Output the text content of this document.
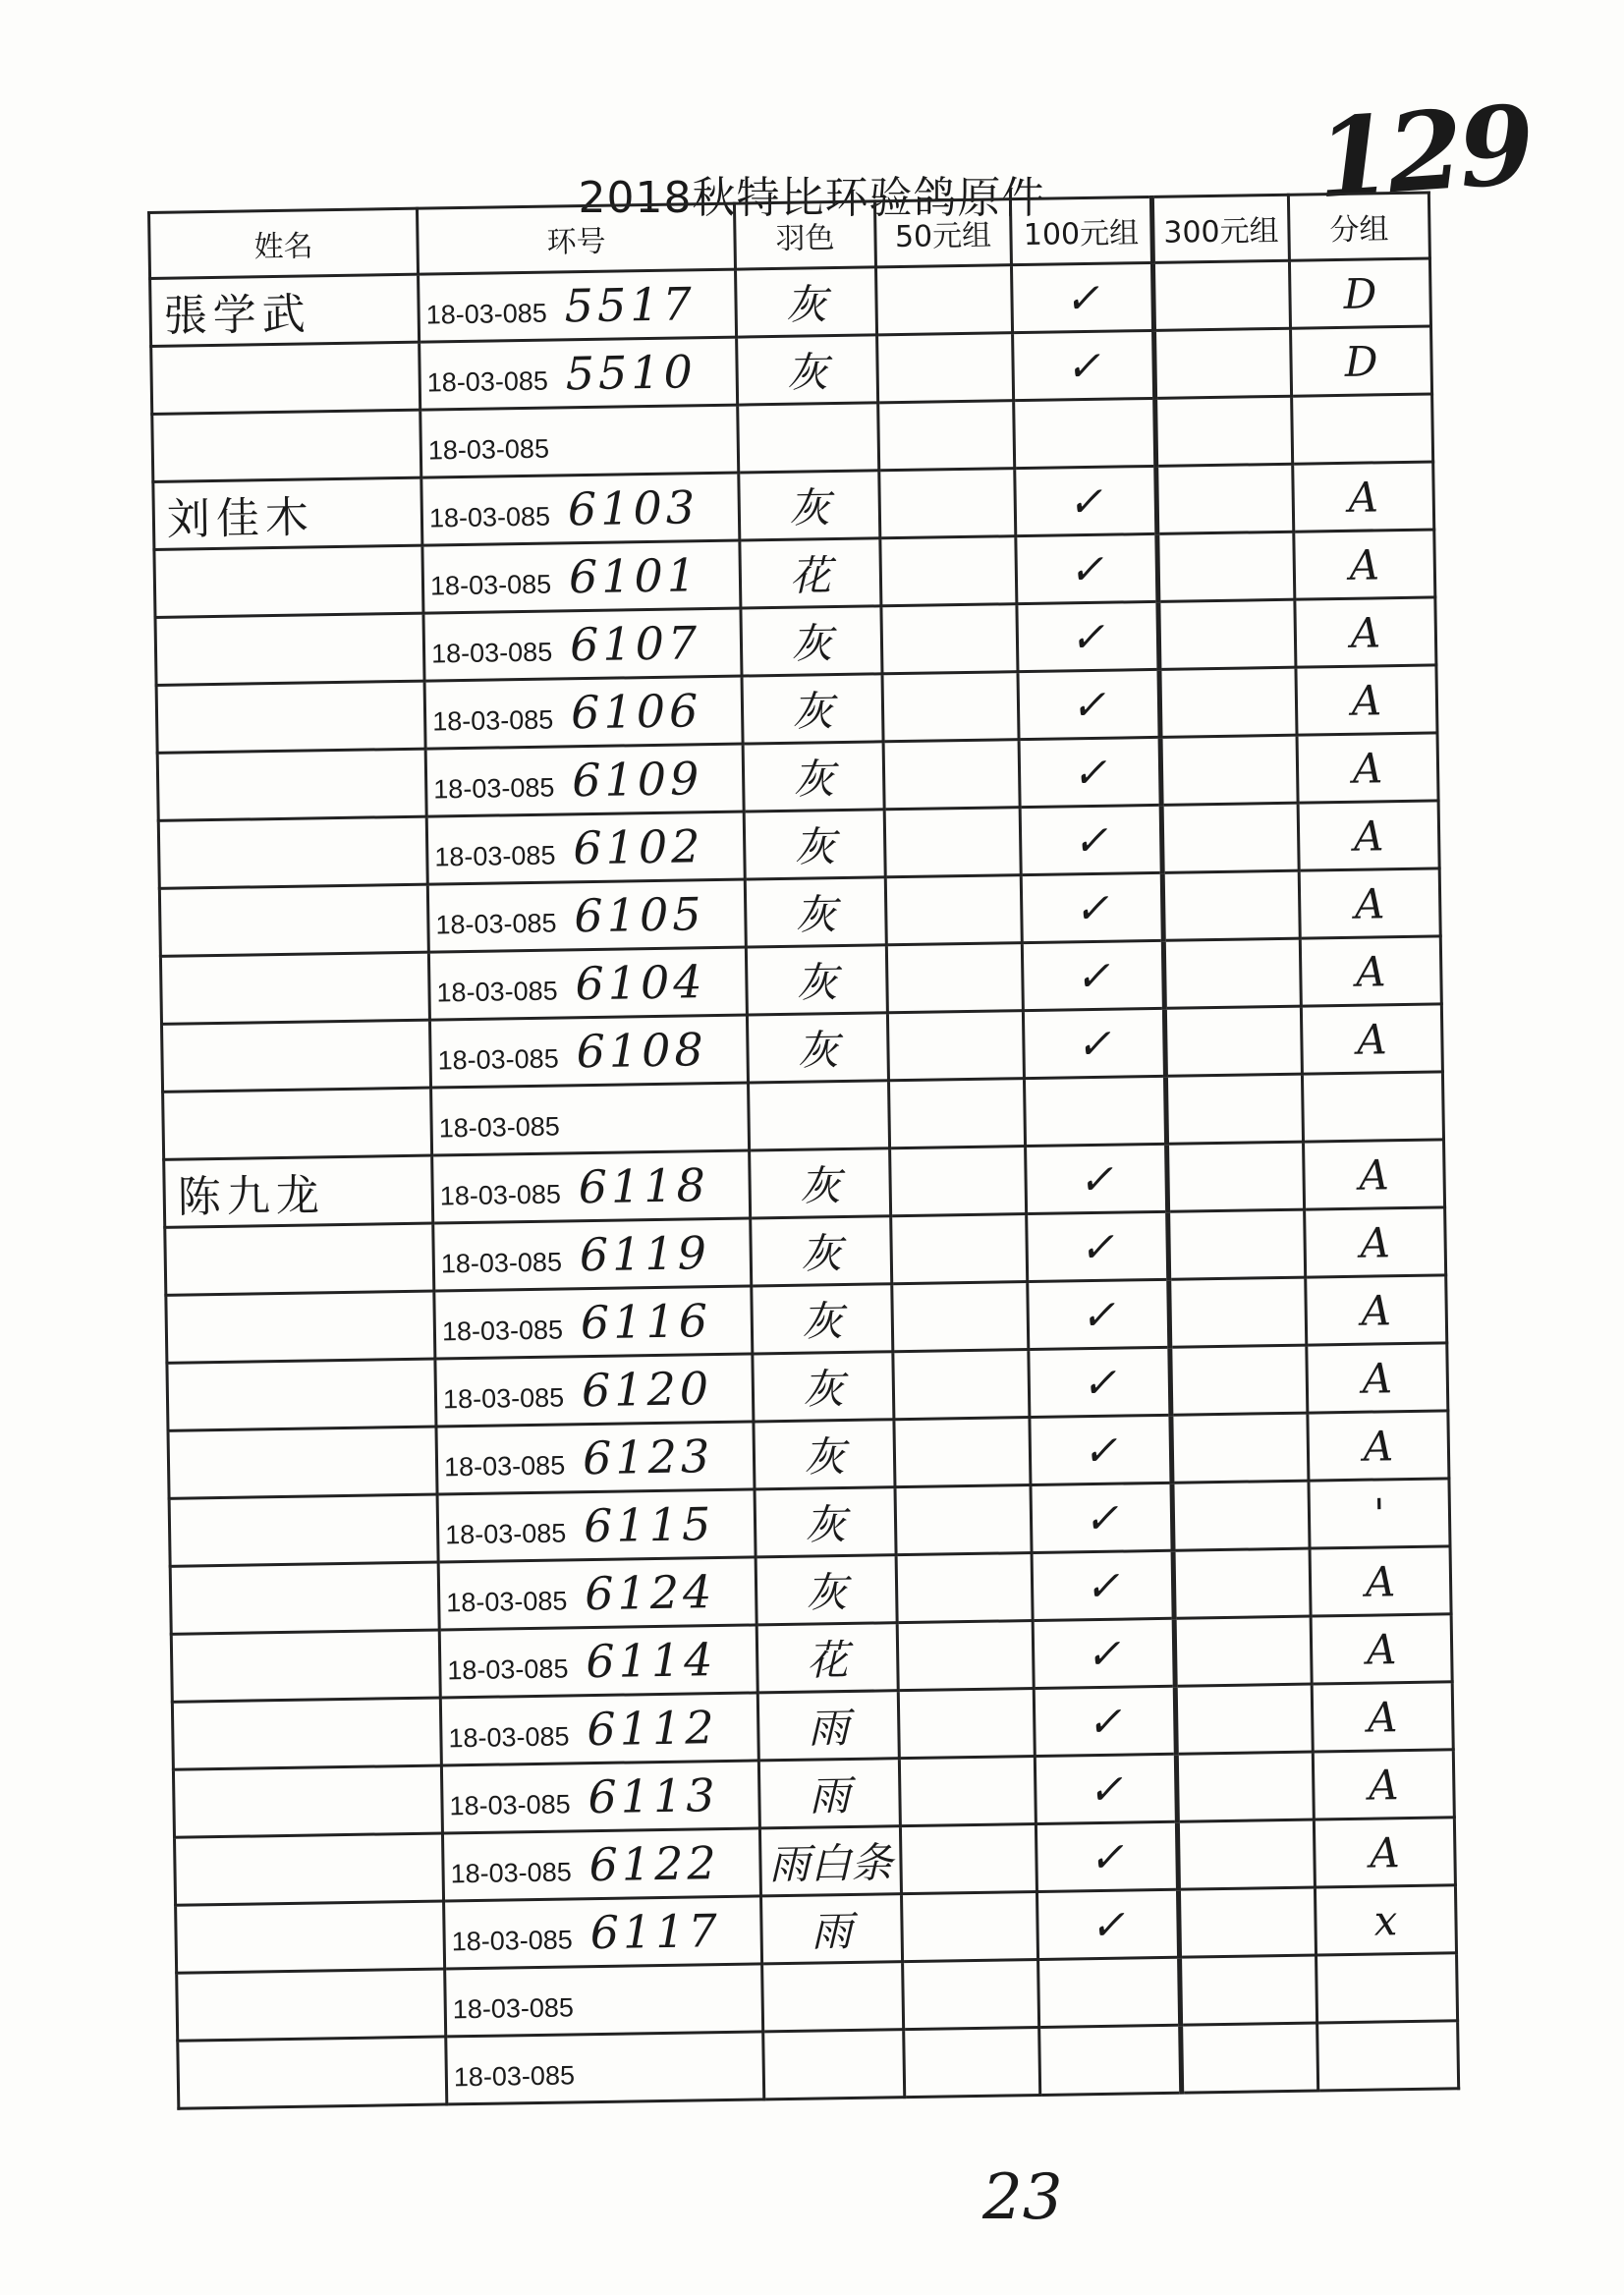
129
2018秋特比环验鸽原件
姓名	环号	羽色	50元组	100元组	300元组	分组
張学武	18-03-085 5517	灰		✓		D
	18-03-085 5510	灰		✓		D
	18-03-085					
刘佳木	18-03-085 6103	灰		✓		A
	18-03-085 6101	花		✓		A
	18-03-085 6107	灰		✓		A
	18-03-085 6106	灰		✓		A
	18-03-085 6109	灰		✓		A
	18-03-085 6102	灰		✓		A
	18-03-085 6105	灰		✓		A
	18-03-085 6104	灰		✓		A
	18-03-085 6108	灰		✓		A
	18-03-085					
陈九龙	18-03-085 6118	灰		✓		A
	18-03-085 6119	灰		✓		A
	18-03-085 6116	灰		✓		A
	18-03-085 6120	灰		✓		A
	18-03-085 6123	灰		✓		A
	18-03-085 6115	灰		✓		'
	18-03-085 6124	灰		✓		A
	18-03-085 6114	花		✓		A
	18-03-085 6112	雨		✓		A
	18-03-085 6113	雨		✓		A
	18-03-085 6122	雨白条		✓		A
	18-03-085 6117	雨		✓		x
	18-03-085					
	18-03-085					
23
